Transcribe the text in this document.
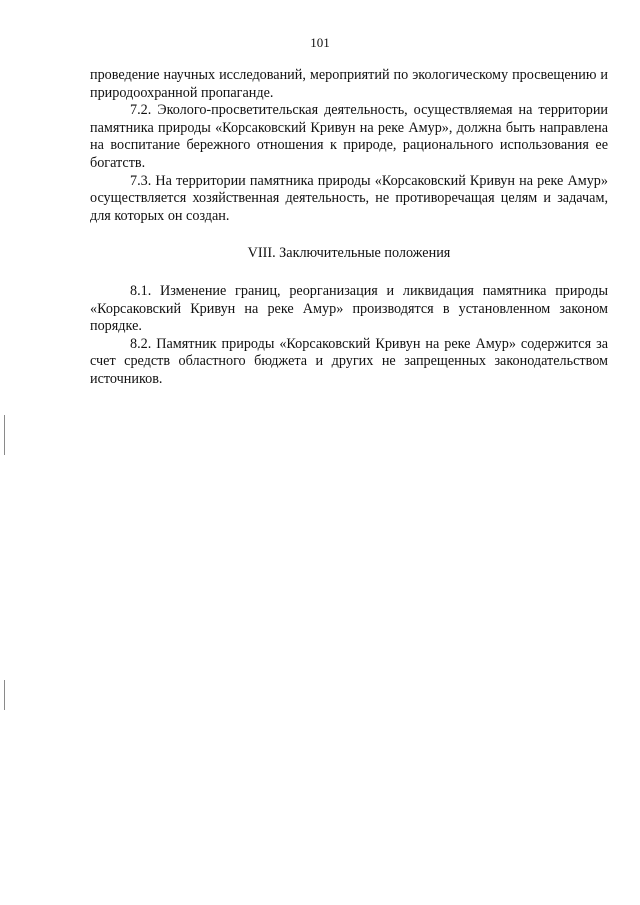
101

проведение научных исследований, мероприятий по экологическому просвещению и природоохранной пропаганде.

7.2. Эколого-просветительская деятельность, осуществляемая на территории памятника природы «Корсаковский Кривун на реке Амур», должна быть направлена на воспитание бережного отношения к природе, рационального использования ее богатств.

7.3. На территории памятника природы «Корсаковский Кривун на реке Амур» осуществляется хозяйственная деятельность, не противоречащая целям и задачам, для которых он создан.

VIII. Заключительные положения

8.1. Изменение границ, реорганизация и ликвидация памятника природы «Корсаковский Кривун на реке Амур» производятся в установленном законом порядке.

8.2. Памятник природы «Корсаковский Кривун на реке Амур» содержится за счет средств областного бюджета и других не запрещенных законодательством источников.
